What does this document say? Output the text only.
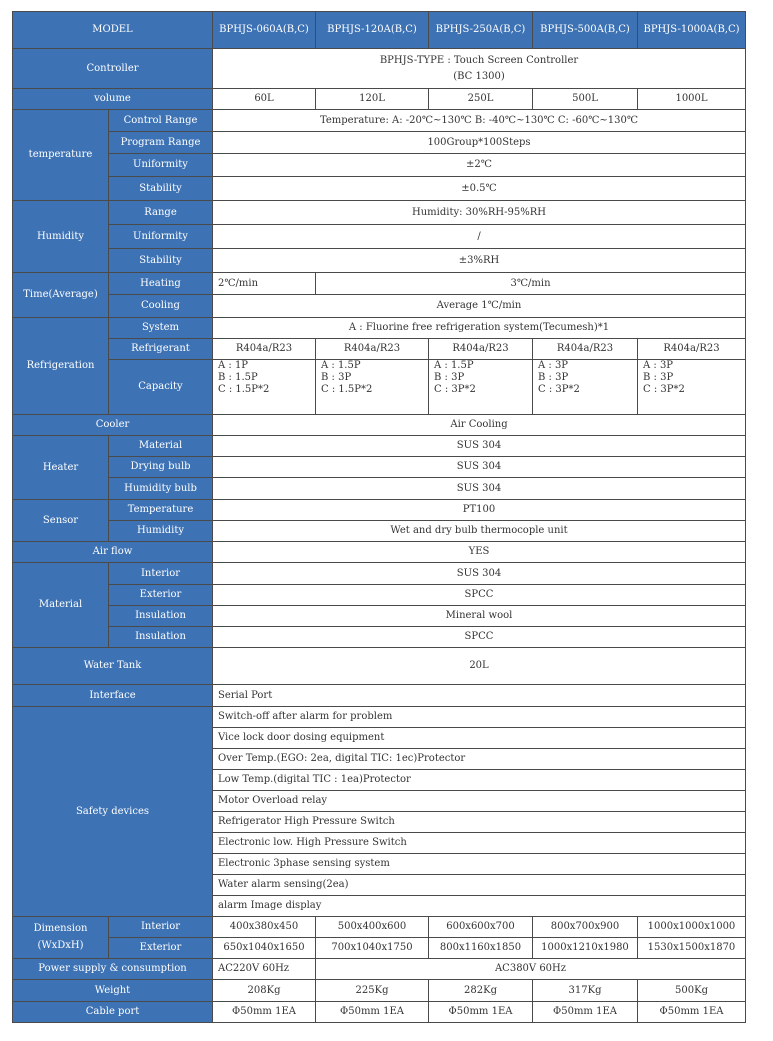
MODEL		BPHJS-060A(B,C)	BPHJS-120A(B,C)	BPHJS-250A(B,C)	BPHJS-500A(B,C)	BPHJS-1000A(B,C)
Controller		BPHJS-TYPE : Touch Screen Controller
(BC 1300)				

volume		60L	120L	250L	500L	1000L
temperature	Control Range	Temperature: A: -20℃~130℃ B: -40℃~130℃ C: -60℃~130℃				
	Program Range	100Group*100Steps				
	Uniformity	±2℃				
	Stability	±0.5℃				
Humidity	Range	Humidity: 30%RH-95%RH				
	Uniformity	/				
	Stability	±3%RH				
Time(Average)	Heating	2℃/min	3℃/min			
	Cooling	Average 1℃/min				
Refrigeration	System	A : Fluorine free refrigeration system(Tecumesh)*1				
	Refrigerant	R404a/R23	R404a/R23	R404a/R23	R404a/R23	R404a/R23
	Capacity	A : 1P
B : 1.5P
C : 1.5P*2	A : 1.5P
B : 3P
C : 1.5P*2	A : 1.5P
B : 3P
C : 3P*2	A : 3P
B : 3P
C : 3P*2	A : 3P
B : 3P
C : 3P*2

Cooler		Air Cooling				
Heater	Material	SUS 304				
	Drying bulb	SUS 304				
	Humidity bulb	SUS 304				
Sensor	Temperature	PT100				
	Humidity	Wet and dry bulb thermocople unit				
Air flow		YES				
Material	Interior	SUS 304				
	Exterior	SPCC				
	Insulation	Mineral wool				
	Insulation	SPCC				
Water Tank		20L				
Interface		Serial Port				
Safety devices		Switch-off after alarm for problem				
		Vice lock door dosing equipment				
		Over Temp.(EGO: 2ea, digital TIC: 1ec)Protector				
		Low Temp.(digital TIC : 1ea)Protector				
		Motor Overload relay				
		Refrigerator High Pressure Switch				
		Electronic low. High Pressure Switch				
		Electronic 3phase sensing system				
		Water alarm sensing(2ea)				
		alarm Image display				

Dimension
(WxDxH)	Interior	400x380x450	500x400x600	600x600x700	800x700x900	1000x1000x1000
	Exterior	650x1040x1650	700x1040x1750	800x1160x1850	1000x1210x1980	1530x1500x1870
Power supply & consumption		AC220V 60Hz	AC380V 60Hz			
Weight		208Kg	225Kg	282Kg	317Kg	500Kg
Cable port		Φ50mm 1EA	Φ50mm 1EA	Φ50mm 1EA	Φ50mm 1EA	Φ50mm 1EA
